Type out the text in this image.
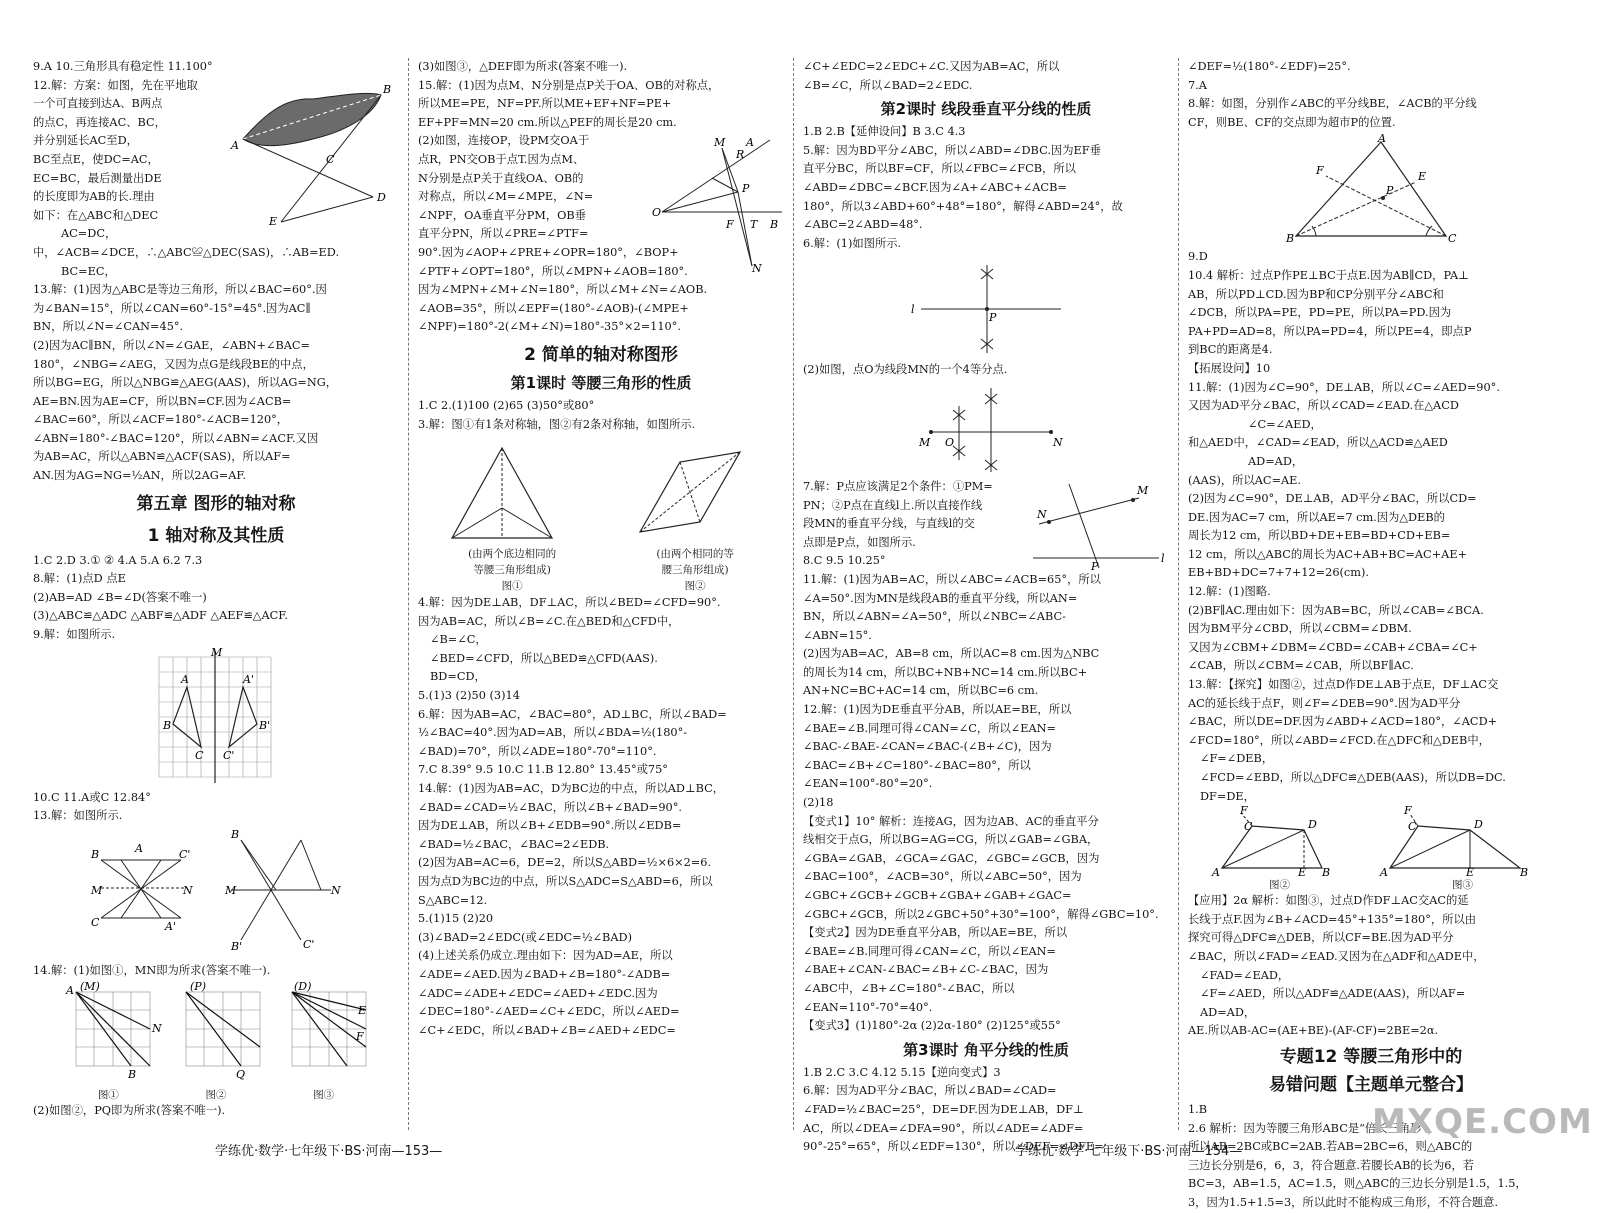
9.A 10.三角形具有稳定性 11.100°

A
B
C
D
E

12.解：方案：如图，先在平地取

一个可直接到达A、B两点

的点C，再连接AC、BC，

并分别延长AC至D，

BC至点E，使DC=AC，

EC=BC，最后测量出DE

的长度即为AB的长.理由

如下：在△ABC和△DEC

AC=DC，

中，∠ACB=∠DCE，∴△ABC≌△DEC(SAS)，∴AB=ED.

BC=EC，

13.解：(1)因为△ABC是等边三角形，所以∠BAC=60°.因

为∠BAN=15°，所以∠CAN=60°-15°=45°.因为AC∥

BN，所以∠N=∠CAN=45°.

(2)因为AC∥BN，所以∠N=∠GAE，∠ABN+∠BAC=

180°，∠NBG=∠AEG，又因为点G是线段BE的中点，

所以BG=EG，所以△NBG≌△AEG(AAS)，所以AG=NG，

AE=BN.因为AE=CF，所以BN=CF.因为∠ACB=

∠BAC=60°，所以∠ACF=180°-∠ACB=120°，

∠ABN=180°-∠BAC=120°，所以∠ABN=∠ACF.又因

为AB=AC，所以△ABN≌△ACF(SAS)，所以AF=

AN.因为AG=NG=½AN，所以2AG=AF.

第五章 图形的轴对称

1 轴对称及其性质

1.C 2.D 3.① ② 4.A 5.A 6.2 7.3

8.解：(1)点D 点E

(2)AB=AD ∠B=∠D(答案不唯一)

(3)△ABC≌△ADC △ABF≌△ADF △AEF≌△ACF.

9.解：如图所示.

A	A'
B	B'
C C'
M

10.C 11.A或C 12.84°

13.解：如图所示.

B	A	C'
M	N
C	A'
B
M	N
B'	C'

14.解：(1)如图①，MN即为所求(答案不唯一).

A (M)
N
B
(P)
Q
(D)
E
F

图①	图②	图③

(2)如图②，PQ即为所求(答案不唯一).

(3)如图③，△DEF即为所求(答案不唯一).

15.解：(1)因为点M、N分别是点P关于OA、OB的对称点，

所以ME=PE，NF=PF.所以ME+EF+NF=PE+

EF+PF=MN=20 cm.所以△PEF的周长是20 cm.

O
M A
R
P
F T B
N

(2)如图，连接OP，设PM交OA于

点R，PN交OB于点T.因为点M、

N分别是点P关于直线OA、OB的

对称点，所以∠M=∠MPE，∠N=

∠NPF，OA垂直平分PM，OB垂

直平分PN，所以∠PRE=∠PTF=

90°.因为∠AOP+∠PRE+∠OPR=180°，∠BOP+

∠PTF+∠OPT=180°，所以∠MPN+∠AOB=180°.

因为∠MPN+∠M+∠N=180°，所以∠M+∠N=∠AOB.

∠AOB=35°，所以∠EPF=(180°-∠AOB)-(∠MPE+

∠NPF)=180°-2(∠M+∠N)=180°-35°×2=110°.

2 简单的轴对称图形

第1课时 等腰三角形的性质

1.C 2.(1)100 (2)65 (3)50°或80°

3.解：图①有1条对称轴，图②有2条对称轴，如图所示.

(由两个底边相同的

等腰三角形组成)

图①

(由两个相同的等

腰三角形组成)

图②

4.解：因为DE⊥AB，DF⊥AC，所以∠BED=∠CFD=90°.

因为AB=AC，所以∠B=∠C.在△BED和△CFD中，

∠B=∠C，

∠BED=∠CFD，所以△BED≌△CFD(AAS).

BD=CD，

5.(1)3 (2)50 (3)14

6.解：因为AB=AC，∠BAC=80°，AD⊥BC，所以∠BAD=

½∠BAC=40°.因为AD=AB，所以∠BDA=½(180°-

∠BAD)=70°，所以∠ADE=180°-70°=110°.

7.C 8.39° 9.5 10.C 11.B 12.80° 13.45°或75°

14.解：(1)因为AB=AC，D为BC边的中点，所以AD⊥BC，

∠BAD=∠CAD=½∠BAC，所以∠B+∠BAD=90°.

因为DE⊥AB，所以∠B+∠EDB=90°.所以∠EDB=

∠BAD=½∠BAC，∠BAC=2∠EDB.

(2)因为AB=AC=6，DE=2，所以S△ABD=½×6×2=6.

因为点D为BC边的中点，所以S△ADC=S△ABD=6，所以

S△ABC=12.

5.(1)15 (2)20

(3)∠BAD=2∠EDC(或∠EDC=½∠BAD)

(4)上述关系仍成立.理由如下：因为AD=AE，所以

∠ADE=∠AED.因为∠BAD+∠B=180°-∠ADB=

∠ADC=∠ADE+∠EDC=∠AED+∠EDC.因为

∠DEC=180°-∠AED=∠C+∠EDC，所以∠AED=

∠C+∠EDC，所以∠BAD+∠B=∠AED+∠EDC=

∠C+∠EDC=2∠EDC+∠C.又因为AB=AC，所以

∠B=∠C，所以∠BAD=2∠EDC.

第2课时 线段垂直平分线的性质

1.B 2.B【延伸设问】B 3.C 4.3

5.解：因为BD平分∠ABC，所以∠ABD=∠DBC.因为EF垂

直平分BC，所以BF=CF，所以∠FBC=∠FCB，所以

∠ABD=∠DBC=∠BCF.因为∠A+∠ABC+∠ACB=

180°，所以3∠ABD+60°+48°=180°，解得∠ABD=24°，故

∠ABC=2∠ABD=48°.

6.解：(1)如图所示.

l
P

(2)如图，点O为线段MN的一个4等分点.

M O	N
N
M
P
l

7.解：P点应该满足2个条件：①PM=

PN；②P点在直线l上.所以直接作线

段MN的垂直平分线，与直线l的交

点即是P点，如图所示.

8.C 9.5 10.25°

11.解：(1)因为AB=AC，所以∠ABC=∠ACB=65°，所以

∠A=50°.因为MN是线段AB的垂直平分线，所以AN=

BN，所以∠ABN=∠A=50°，所以∠NBC=∠ABC-

∠ABN=15°.

(2)因为AB=AC，AB=8 cm，所以AC=8 cm.因为△NBC

的周长为14 cm，所以BC+NB+NC=14 cm.所以BC+

AN+NC=BC+AC=14 cm，所以BC=6 cm.

12.解：(1)因为DE垂直平分AB，所以AE=BE，所以

∠BAE=∠B.同理可得∠CAN=∠C，所以∠EAN=

∠BAC-∠BAE-∠CAN=∠BAC-(∠B+∠C)，因为

∠BAC=∠B+∠C=180°-∠BAC=80°，所以

∠EAN=100°-80°=20°.

(2)18

【变式1】10° 解析：连接AG，因为边AB、AC的垂直平分

线相交于点G，所以BG=AG=CG，所以∠GAB=∠GBA，

∠GBA=∠GAB，∠GCA=∠GAC，∠GBC=∠GCB，因为

∠BAC=100°，∠ACB=30°，所以∠ABC=50°，因为

∠GBC+∠GCB+∠GCB+∠GBA+∠GAB+∠GAC=

∠GBC+∠GCB，所以2∠GBC+50°+30°=100°，解得∠GBC=10°.

【变式2】因为DE垂直平分AB，所以AE=BE，所以

∠BAE=∠B.同理可得∠CAN=∠C，所以∠EAN=

∠BAE+∠CAN-∠BAC=∠B+∠C-∠BAC，因为

∠ABC中，∠B+∠C=180°-∠BAC，所以

∠EAN=110°-70°=40°.

【变式3】(1)180°-2α (2)2α-180° (2)125°或55°

第3课时 角平分线的性质

1.B 2.C 3.C 4.12 5.15【逆向变式】3

6.解：因为AD平分∠BAC，所以∠BAD=∠CAD=

∠FAD=½∠BAC=25°，DE=DF.因为DE⊥AB，DF⊥

AC，所以∠DEA=∠DFA=90°，所以∠ADE=∠ADF=

90°-25°=65°，所以∠EDF=130°，所以∠DEF=∠DFE=

∠DEF=½(180°-∠EDF)=25°.

7.A

8.解：如图，分别作∠ABC的平分线BE，∠ACB的平分线

CF，则BE、CF的交点即为超市P的位置.

A
B	C
E
F
P

9.D

10.4 解析：过点P作PE⊥BC于点E.因为AB∥CD，PA⊥

AB，所以PD⊥CD.因为BP和CP分别平分∠ABC和

∠DCB，所以PA=PE，PD=PE，所以PA=PD.因为

PA+PD=AD=8，所以PA=PD=4，所以PE=4，即点P

到BC的距离是4.

【拓展设问】10

11.解：(1)因为∠C=90°，DE⊥AB，所以∠C=∠AED=90°.

又因为AD平分∠BAC，所以∠CAD=∠EAD.在△ACD

∠C=∠AED，

和△AED中，∠CAD=∠EAD，所以△ACD≌△AED

AD=AD，

(AAS)，所以AC=AE.

(2)因为∠C=90°，DE⊥AB，AD平分∠BAC，所以CD=

DE.因为AC=7 cm，所以AE=7 cm.因为△DEB的

周长为12 cm，所以BD+DE+EB=BD+CD+EB=

12 cm，所以△ABC的周长为AC+AB+BC=AC+AE+

EB+BD+DC=7+7+12=26(cm).

12.解：(1)图略.

(2)BF∥AC.理由如下：因为AB=BC，所以∠CAB=∠BCA.

因为BM平分∠CBD，所以∠CBM=∠DBM.

又因为∠CBM+∠DBM=∠CBD=∠CAB+∠CBA=∠C+

∠CAB，所以∠CBM=∠CAB，所以BF∥AC.

13.解：【探究】如图②，过点D作DE⊥AB于点E，DF⊥AC交

AC的延长线于点F，则∠F=∠DEB=90°.因为AD平分

∠BAC，所以DE=DF.因为∠ABD+∠ACD=180°，∠ACD+

∠FCD=180°，所以∠ABD=∠FCD.在△DFC和△DEB中，

∠F=∠DEB，

∠FCD=∠EBD，所以△DFC≌△DEB(AAS)，所以DB=DC.

DF=DE，

A	B
C	D
F
E	A	B
C	D
F
E

图②	图③

【应用】2α 解析：如图③，过点D作DF⊥AC交AC的延

长线于点F.因为∠B+∠ACD=45°+135°=180°，所以由

探究可得△DFC≌△DEB，所以CF=BE.因为AD平分

∠BAC，所以∠FAD=∠EAD.又因为在△ADF和△ADE中，

∠FAD=∠EAD，

∠F=∠AED，所以△ADF≌△ADE(AAS)，所以AF=

AD=AD，

AE.所以AB-AC=(AE+BE)-(AF-CF)=2BE=2α.

专题12 等腰三角形中的

易错问题【主题单元整合】

1.B

2.6 解析：因为等腰三角形ABC是“倍长三角形”，

所以AB=2BC或BC=2AB.若AB=2BC=6，则△ABC的

三边长分别是6，6，3，符合题意.若腰长AB的长为6，若

BC=3，AB=1.5，AC=1.5，则△ABC的三边长分别是1.5，1.5，

3，因为1.5+1.5=3，所以此时不能构成三角形，不符合题意.

学练优·数学·七年级下·BS·河南—153—	学练优·数学·七年级下·BS·河南—154—
MXQE.COM
